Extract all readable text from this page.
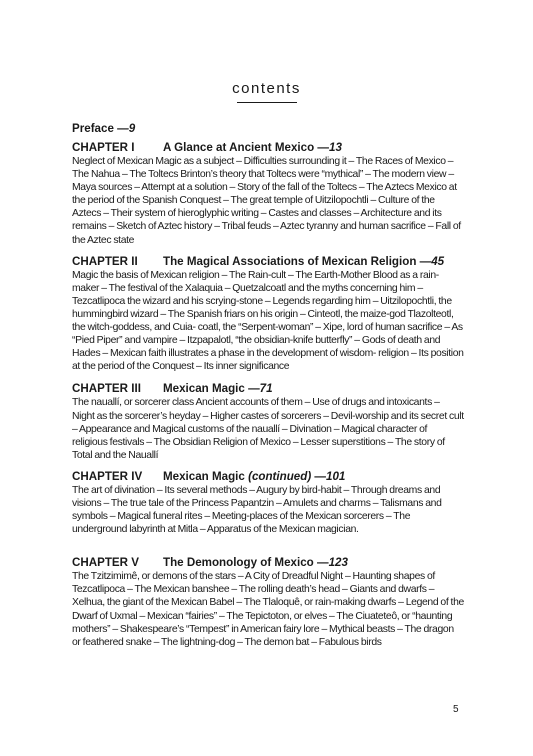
contents
Preface —9
CHAPTER I	A Glance at Ancient Mexico —13
Neglect of Mexican Magic as a subject – Difficulties surrounding it – The Races of Mexico – The Nahua – The Toltecs Brinton’s theory that Toltecs were “mythical” – The modern view – Maya sources – Attempt at a solution – Story of the fall of the Toltecs – The Aztecs Mexico at the period of the Spanish Conquest – The great temple of Uitzilopochtli – Culture of the Aztecs – Their system of hieroglyphic writing – Castes and classes – Architecture and its remains – Sketch of Aztec history – Tribal feuds – Aztec tyranny and human sacrifice – Fall of the Aztec state
CHAPTER II	The Magical Associations of Mexican Religion —45
Magic the basis of Mexican religion – The Rain-cult – The Earth-Mother Blood as a rain-maker – The festival of the Xalaquia – Quetzalcoatl and the myths concerning him – Tezcatlipoca the wizard and his scrying-stone – Legends regarding him – Uitzilopochtli, the hummingbird wizard – The Spanish friars on his origin – Cinteotl, the maize-god Tlazolteotl, the witch-goddess, and Cuia- coatl, the “Serpent-woman” – Xipe, lord of human sacrifice – As “Pied Piper” and vampire – Itzpapalotl, “the obsidian-knife butterfly” – Gods of death and Hades – Mexican faith illustrates a phase in the development of wisdom- religion – Its position at the period of the Conquest – Its inner significance
CHAPTER III	Mexican Magic —71
The nauallí, or sorcerer class Ancient accounts of them – Use of drugs and intoxicants – Night as the sorcerer’s heyday – Higher castes of sorcerers – Devil-worship and its secret cult – Appearance and Magical customs of the nauallí – Divination – Magical character of religious festivals – The Obsidian Religion of Mexico – Lesser superstitions – The story of Total and the Nauallí
CHAPTER IV	Mexican Magic (continued) —101
The art of divination – Its several methods – Augury by bird-habit – Through dreams and visions – The true tale of the Princess Papantzin – Amulets and charms – Talismans and symbols – Magical funeral rites – Meeting-places of the Mexican sorcerers – The underground labyrinth at Mitla – Apparatus of the Mexican magician.
CHAPTER V	The Demonology of Mexico —123
The Tzitzimimê, or demons of the stars – A City of Dreadful Night – Haunting shapes of Tezcatlipoca – The Mexican banshee – The rolling death’s head – Giants and dwarfs – Xelhua, the giant of the Mexican Babel – The Tlaloquê, or rain-making dwarfs – Legend of the Dwarf of Uxmal – Mexican “fairies” – The Tepictoton, or elves – The Ciuateteô, or “haunting mothers” – Shakespeare’s “Tempest” in American fairy lore – Mythical beasts – The dragon or feathered snake – The lightning-dog – The demon bat – Fabulous birds
5
